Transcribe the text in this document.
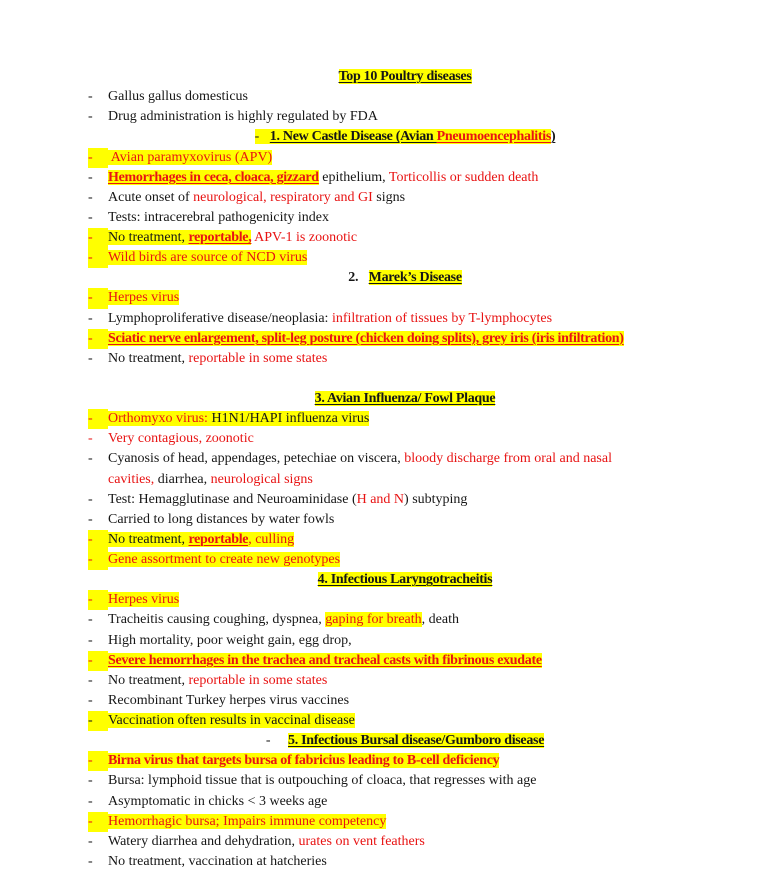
Top 10 Poultry diseases
- Gallus gallus domesticus
- Drug administration is highly regulated by FDA
-   1. New Castle Disease (Avian Pneumoencephalitis)
- Avian paramyxovirus (APV)
- Hemorrhages in ceca, cloaca, gizzard epithelium, Torticollis or sudden death
- Acute onset of neurological, respiratory and GI signs
- Tests: intracerebral pathogenicity index
- No treatment, reportable, APV-1 is zoonotic
- Wild birds are source of NCD virus
2. Marek’s Disease
- Herpes virus
- Lymphoproliferative disease/neoplasia: infiltration of tissues by T-lymphocytes
- Sciatic nerve enlargement, split-leg posture (chicken doing splits), grey iris (iris infiltration)
- No treatment, reportable in some states
3. Avian Influenza/ Fowl Plaque
- Orthomyxo virus: H1N1/HAPI influenza virus
- Very contagious, zoonotic
- Cyanosis of head, appendages, petechiae on viscera, bloody discharge from oral and nasal
cavities, diarrhea, neurological signs
- Test: Hemagglutinase and Neuroaminidase (H and N) subtyping
- Carried to long distances by water fowls
- No treatment, reportable, culling
- Gene assortment to create new genotypes
4. Infectious Laryngotracheitis
- Herpes virus
- Tracheitis causing coughing, dyspnea, gaping for breath, death
- High mortality, poor weight gain, egg drop,
- Severe hemorrhages in the trachea and tracheal casts with fibrinous exudate
- No treatment, reportable in some states
- Recombinant Turkey herpes virus vaccines
- Vaccination often results in vaccinal disease
-     5. Infectious Bursal disease/Gumboro disease
- Birna virus that targets bursa of fabricius leading to B-cell deficiency
- Bursa: lymphoid tissue that is outpouching of cloaca, that regresses with age
- Asymptomatic in chicks < 3 weeks age
- Hemorrhagic bursa; Impairs immune competency
- Watery diarrhea and dehydration, urates on vent feathers
- No treatment, vaccination at hatcheries
